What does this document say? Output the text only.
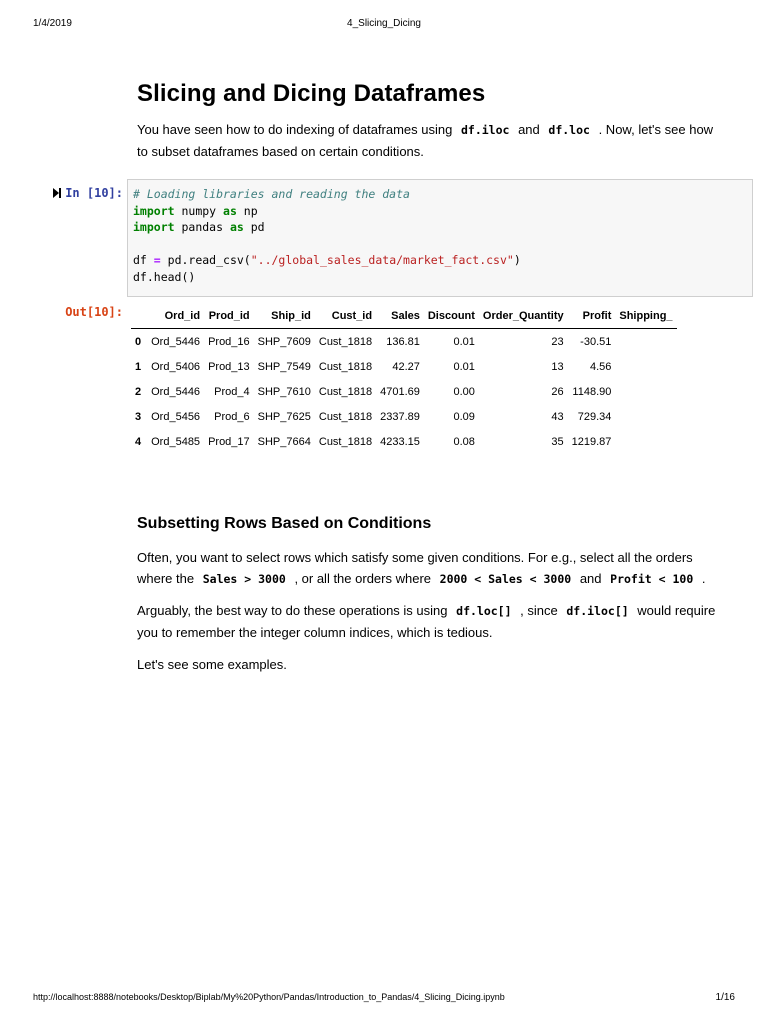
1/4/2019	4_Slicing_Dicing
Slicing and Dicing Dataframes
You have seen how to do indexing of dataframes using df.iloc and df.loc . Now, let's see how to subset dataframes based on certain conditions.
In [10]: # Loading libraries and reading the data
import numpy as np
import pandas as pd
df = pd.read_csv("../global_sales_data/market_fact.csv")
df.head()
Out[10]:
		Ord_id	Prod_id	Ship_id	Cust_id	Sales	Discount	Order_Quantity	Profit	Shipping_
0	Ord_5446	Prod_16	SHP_7609	Cust_1818	136.81	0.01	23	-30.51	
1	Ord_5406	Prod_13	SHP_7549	Cust_1818	42.27	0.01	13	4.56	
2	Ord_5446	Prod_4	SHP_7610	Cust_1818	4701.69	0.00	26	1148.90	
3	Ord_5456	Prod_6	SHP_7625	Cust_1818	2337.89	0.09	43	729.34	
4	Ord_5485	Prod_17	SHP_7664	Cust_1818	4233.15	0.08	35	1219.87	
Subsetting Rows Based on Conditions
Often, you want to select rows which satisfy some given conditions. For e.g., select all the orders where the Sales > 3000 , or all the orders where 2000 < Sales < 3000 and Profit < 100 .
Arguably, the best way to do these operations is using df.loc[] , since df.iloc[] would require you to remember the integer column indices, which is tedious.
Let's see some examples.
http://localhost:8888/notebooks/Desktop/Biplab/My%20Python/Pandas/Introduction_to_Pandas/4_Slicing_Dicing.ipynb	1/16
